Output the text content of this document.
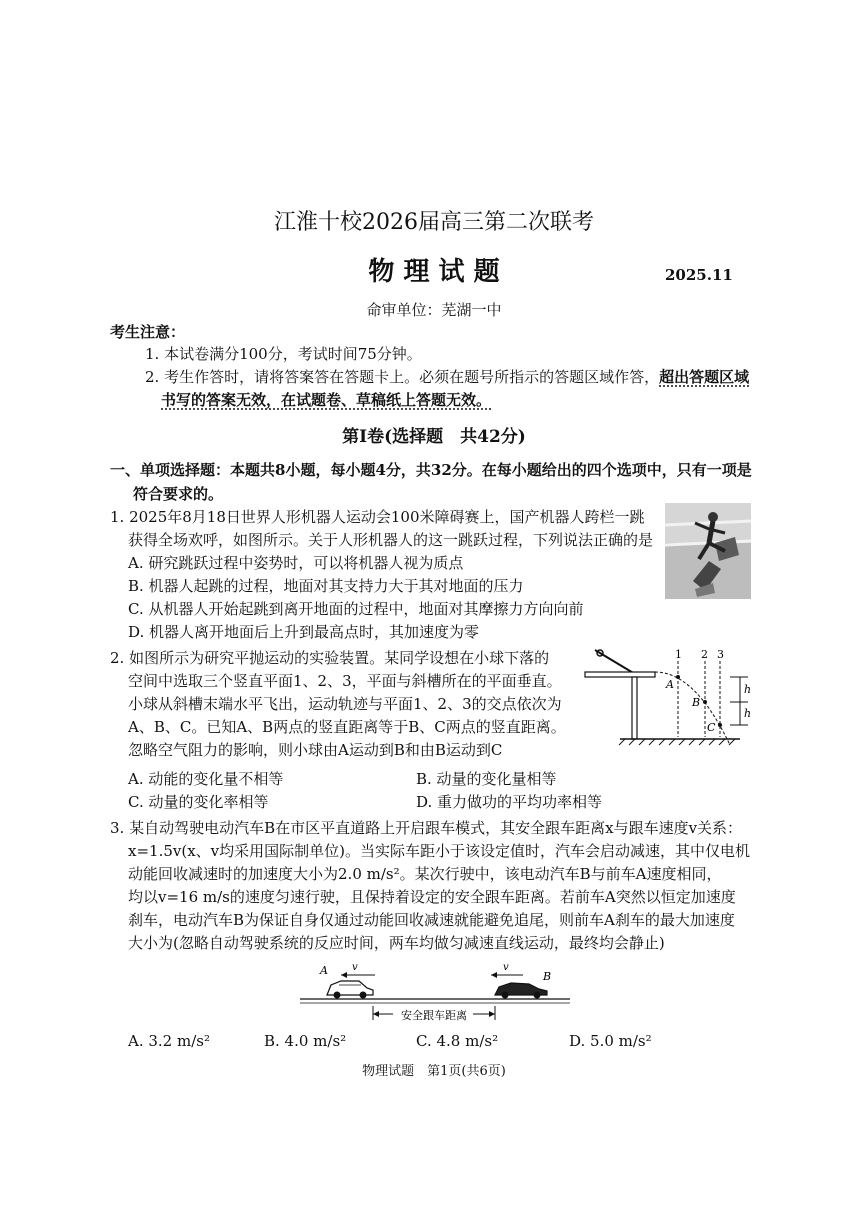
江淮十校2026届高三第二次联考
物 理 试 题	2025.11
命审单位：芜湖一中
考生注意：
1. 本试卷满分100分，考试时间75分钟。
2. 考生作答时，请将答案答在答题卡上。必须在题号所指示的答题区域作答，超出答题区域
书写的答案无效，在试题卷、草稿纸上答题无效。
第Ⅰ卷(选择题　共42分)
一、单项选择题：本题共8小题，每小题4分，共32分。在每小题给出的四个选项中，只有一项是
符合要求的。
1. 2025年8月18日世界人形机器人运动会100米障碍赛上，国产机器人跨栏一跳
获得全场欢呼，如图所示。关于人形机器人的这一跳跃过程，下列说法正确的是
A. 研究跳跃过程中姿势时，可以将机器人视为质点
B. 机器人起跳的过程，地面对其支持力大于其对地面的压力
C. 从机器人开始起跳到离开地面的过程中，地面对其摩擦力方向向前
D. 机器人离开地面后上升到最高点时，其加速度为零
2. 如图所示为研究平抛运动的实验装置。某同学设想在小球下落的
空间中选取三个竖直平面1、2、3，平面与斜槽所在的平面垂直。
小球从斜槽末端水平飞出，运动轨迹与平面1、2、3的交点依次为
A、B、C。已知A、B两点的竖直距离等于B、C两点的竖直距离。
忽略空气阻力的影响，则小球由A运动到B和由B运动到C
A. 动能的变化量不相等	B. 动量的变化量相等
C. 动量的变化率相等	D. 重力做功的平均功率相等
1 2 3
A
B
C
h
h
3. 某自动驾驶电动汽车B在市区平直道路上开启跟车模式，其安全跟车距离x与跟车速度v关系：
x=1.5v(x、v均采用国际制单位)。当实际车距小于该设定值时，汽车会启动减速，其中仅电机
动能回收减速时的加速度大小为2.0 m/s²。某次行驶中，该电动汽车B与前车A速度相同，
均以v=16 m/s的速度匀速行驶，且保持着设定的安全跟车距离。若前车A突然以恒定加速度
刹车，电动汽车B为保证自身仅通过动能回收减速就能避免追尾，则前车A刹车的最大加速度
大小为(忽略自动驾驶系统的反应时间，两车均做匀减速直线运动，最终均会静止)
A v
B
v
安全跟车距离
A. 3.2 m/s²	B. 4.0 m/s²	C. 4.8 m/s²	D. 5.0 m/s²
物理试题　第1页(共6页)
